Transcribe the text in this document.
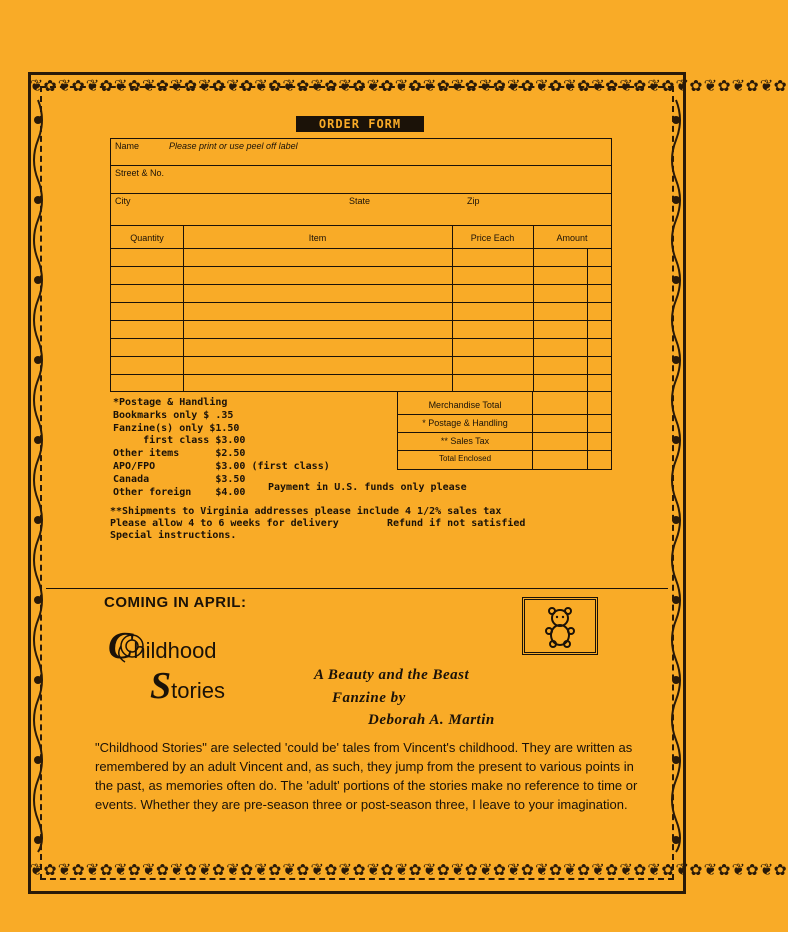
❦✿❦✿❦✿❦✿❦✿❦✿❦✿❦✿❦✿❦✿❦✿❦✿❦✿❦✿❦✿❦✿❦✿❦✿❦✿❦✿❦✿❦✿❦✿❦✿❦✿❦✿❦✿
❦✿❦✿❦✿❦✿❦✿❦✿❦✿❦✿❦✿❦✿❦✿❦✿❦✿❦✿❦✿❦✿❦✿❦✿❦✿❦✿❦✿❦✿❦✿❦✿❦✿❦✿❦✿
ORDER FORM
Name	Please print or use peel off label
Street & No.
City	State	Zip
Quantity	Item	Price Each	Amount
Merchandise Total
* Postage & Handling
** Sales Tax
Total Enclosed
*Postage & Handling
Bookmarks only $ .35
Fanzine(s) only $1.50
first class $3.00
Other items      $2.50
APO/FPO          $3.00 (first class)
Canada           $3.50
Other foreign    $4.00	Payment in U.S. funds only please
**Shipments to Virginia addresses please include 4 1/2% sales tax
Please allow 4 to 6 weeks for delivery        Refund if not satisfied
Special instructions.
COMING IN APRIL:
Childhood
Stories
A Beauty and the Beast
Fanzine by
Deborah A. Martin
"Childhood Stories" are selected 'could be' tales from Vincent's childhood. They are written as remembered by an adult Vincent and, as such, they jump from the present to various points in the past, as memories often do. The 'adult' portions of the stories make no reference to time or events. Whether they are pre-season three or post-season three, I leave to your imagination.
